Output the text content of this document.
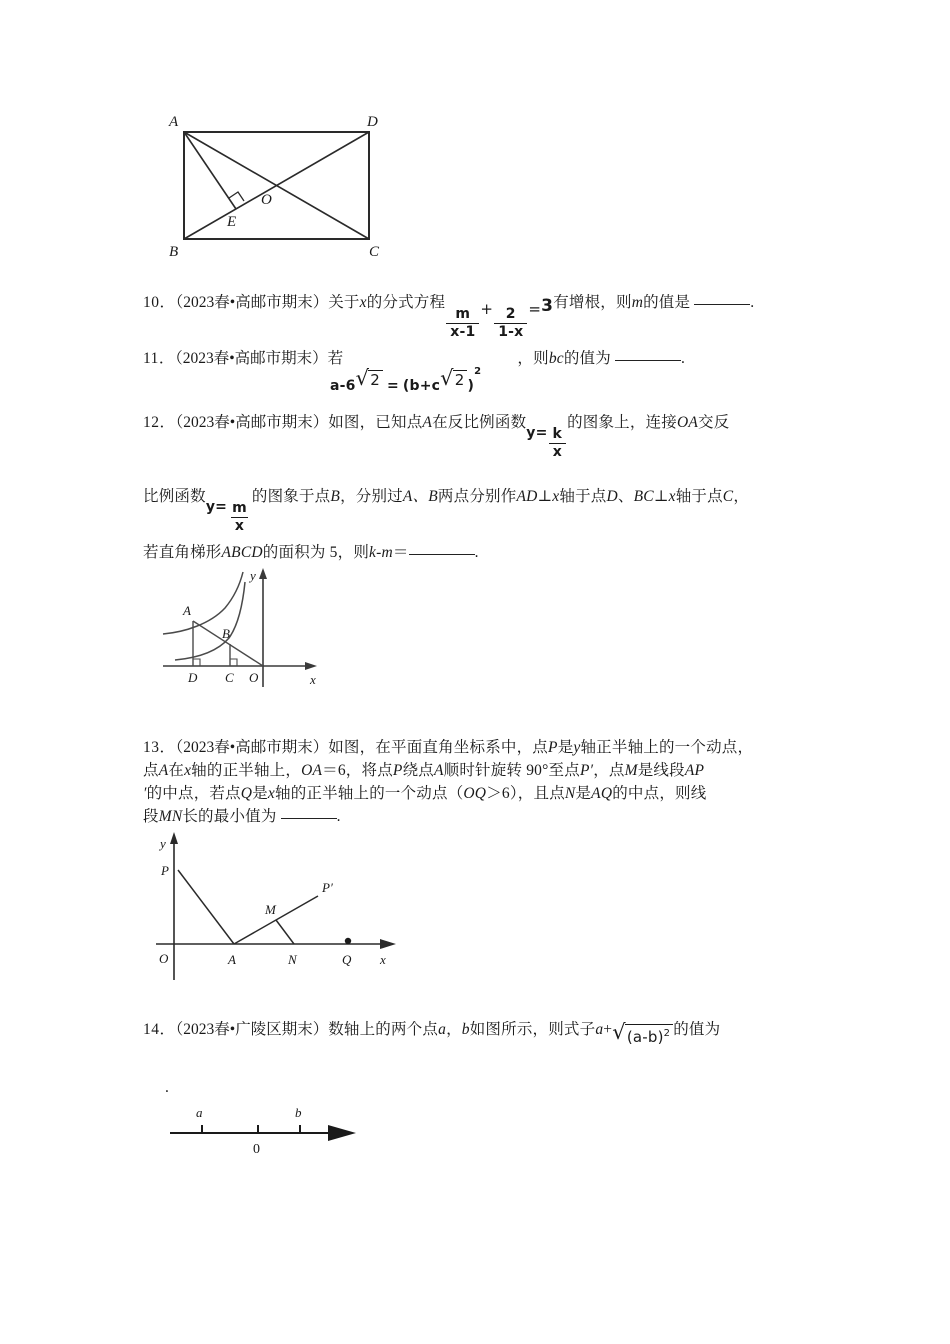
A
B	C
D
O
E
10．（2023春•高邮市期末）关于x的分式方程
$\frac{m}{x-1} + \frac{2}{1-x} =3$有增根，则m的值是	.
11．（2023春•高邮市期末）若	，则bc的值为	.
a-6 √ 2 = (b+c √ 2 )2
12．（2023春•高邮市期末）如图，已知点A在反比例函数$y= \frac{k}{x}$
的图象上，连接OA交反
比例函数$y= \frac{m}{x}$
的图象于点B，分别过A、B两点分别作AD⊥x轴于点D、BC⊥x轴于点C，
若直角梯形ABCD的面积为 5，则k-m＝	.
A
B
D C O	x
y
13．（2023春•高邮市期末）如图，在平面直角坐标系中，点P是y轴正半轴上的一个动点，
点A在x轴的正半轴上，OA＝6，将点P绕点A顺时针旋转 90°至点P′，点M是线段AP
′的中点，若点Q是x轴的正半轴上的一个动点（OQ＞6），且点N是AQ的中点，则线
段MN长的最小值为	.
y
P
O	A	N	Q x
M
P′
14．（2023春•广陵区期末）数轴上的两个点a，b如图所示，则式子a+ √ $(a-b)^2$ 的值为
.
a	b
0
